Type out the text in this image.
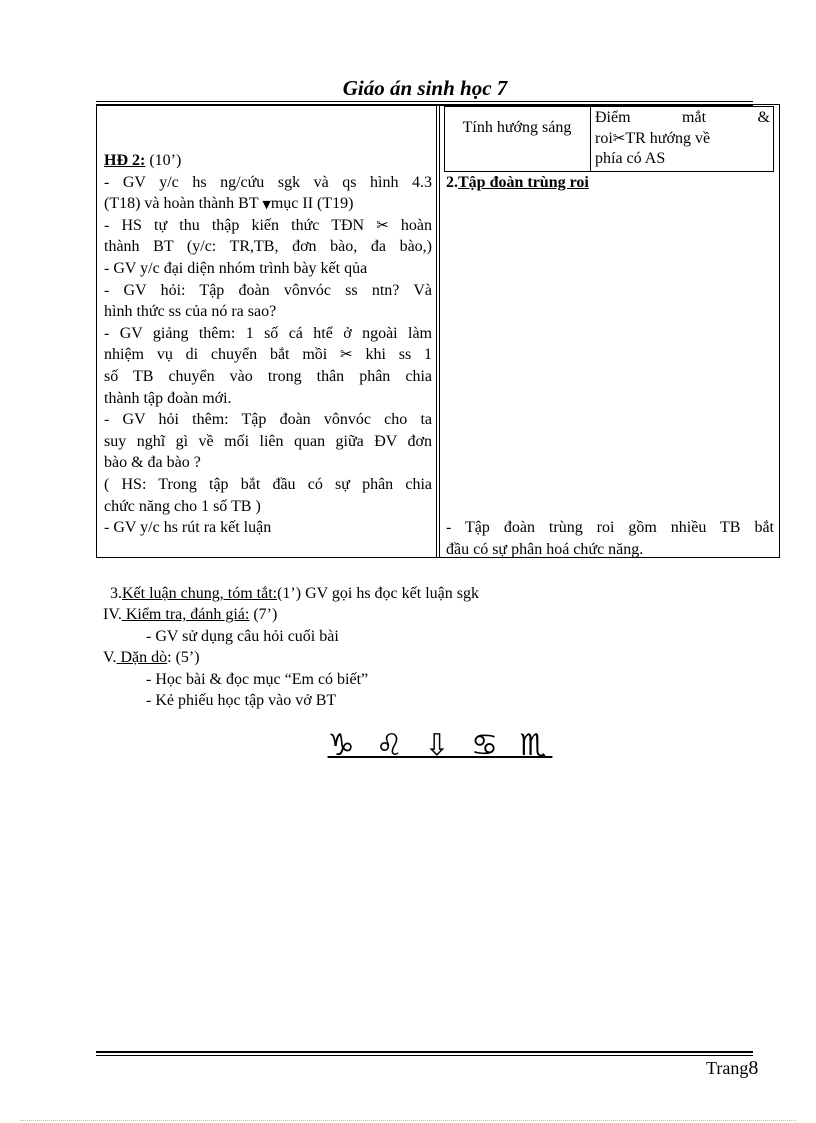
Giáo án sinh học 7
Tính hướng sáng
Điểm mắt &
roi✂TR hướng về
phía có AS
HĐ 2: (10’)
- GV y/c hs ng/cứu sgk và qs hình 4.3
(T18) và hoàn thành BT ▼mục II (T19)
- HS tự thu thập kiến thức TĐN ✂ hoàn
thành BT (y/c: TR,TB, đơn bào, đa bào,)
- GV y/c đại diện nhóm trình bày kết qủa
- GV hỏi: Tập đoàn vônvóc ss ntn? Và
hình thức ss của nó ra sao?
- GV giảng thêm: 1 số cá htể ở ngoài làm
nhiệm vụ di chuyển bắt mồi ✂ khi ss 1
số TB chuyển vào trong thân phân chia
thành tập đoàn mới.
- GV hỏi thêm: Tập đoàn vônvóc cho ta
suy nghĩ gì về mối liên quan giữa ĐV đơn
bào & đa bào ?
( HS: Trong tập bắt đầu có sự phân chia
chức năng cho 1 số TB )
- GV y/c hs rút ra kết luận
2.Tập đoàn trùng roi
- Tập đoàn trùng roi gồm nhiều TB bắt
đầu có sự phân hoá chức năng.
3.Kết luận chung, tóm tắt:(1’) GV gọi hs đọc kết luận sgk
IV. Kiểm tra, đánh giá: (7’)
- GV sử dụng câu hỏi cuối bài
V. Dặn dò: (5’)
- Học bài & đọc mục “Em có biết”
- Kẻ phiếu học tập vào vở BT
♑ ♌ ⇩ ♋ ♏
Trang8
